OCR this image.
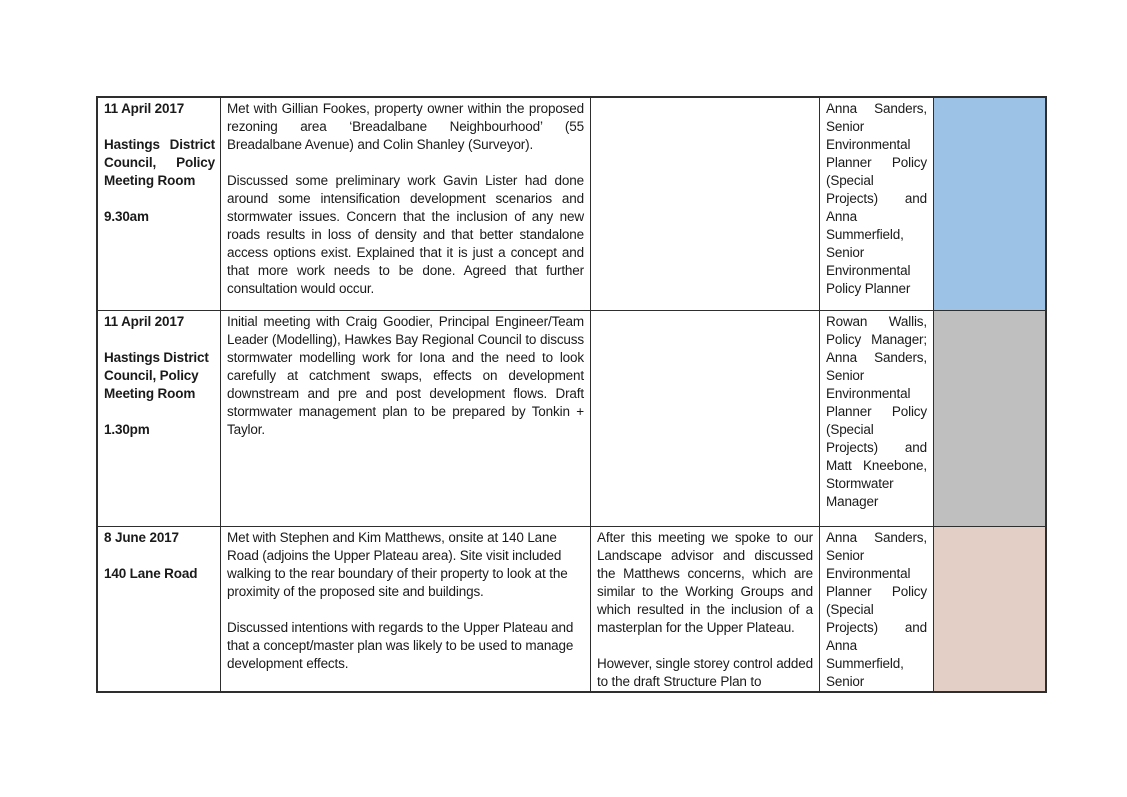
11 April 2017

Hastings District Council, Policy Meeting Room

9.30am

Met with Gillian Fookes, property owner within the proposed rezoning area ‘Breadalbane Neighbourhood’ (55 Breadalbane Avenue) and Colin Shanley (Surveyor).

Discussed some preliminary work Gavin Lister had done around some intensification development scenarios and stormwater issues. Concern that the inclusion of any new roads results in loss of density and that better standalone access options exist. Explained that it is just a concept and that more work needs to be done. Agreed that further consultation would occur.

Anna Sanders, Senior Environmental Planner Policy (Special Projects) and Anna Summerfield, Senior Environmental Policy Planner

11 April 2017

Hastings District Council, Policy Meeting Room

1.30pm

Initial meeting with Craig Goodier, Principal Engineer/Team Leader (Modelling), Hawkes Bay Regional Council to discuss stormwater modelling work for Iona and the need to look carefully at catchment swaps, effects on development downstream and pre and post development flows. Draft stormwater management plan to be prepared by Tonkin + Taylor.

Rowan Wallis, Policy Manager; Anna Sanders, Senior Environmental Planner Policy (Special Projects) and Matt Kneebone, Stormwater Manager

8 June 2017

140 Lane Road

Met with Stephen and Kim Matthews, onsite at 140 Lane Road (adjoins the Upper Plateau area). Site visit included walking to the rear boundary of their property to look at the proximity of the proposed site and buildings.

Discussed intentions with regards to the Upper Plateau and that a concept/master plan was likely to be used to manage development effects.

After this meeting we spoke to our Landscape advisor and discussed the Matthews concerns, which are similar to the Working Groups and which resulted in the inclusion of a masterplan for the Upper Plateau.

However, single storey control added to the draft Structure Plan to

Anna Sanders, Senior Environmental Planner Policy (Special Projects) and Anna Summerfield, Senior
